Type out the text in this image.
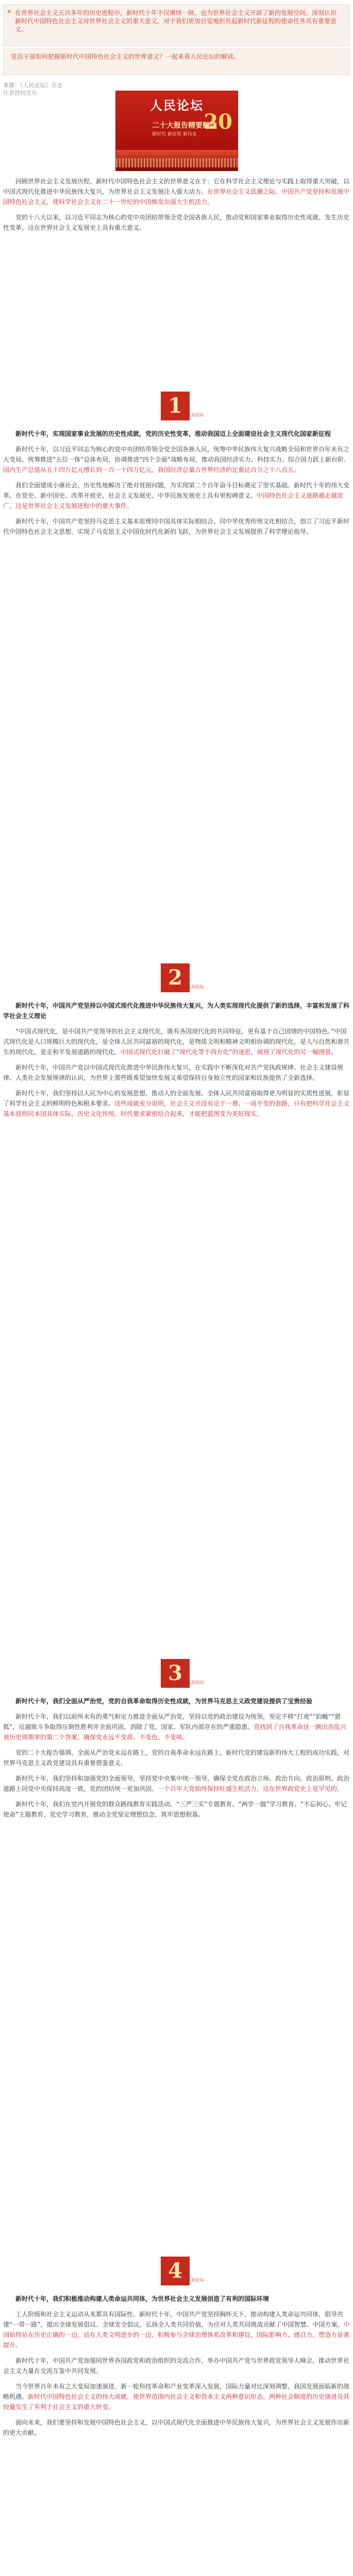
在世界社会主义五百多年的历史进程中，新时代十年不仅赓续一脉，也为世界社会主义开辟了新的发展空间。深刻认识新时代中国特色社会主义对世界社会主义的重大意义，对于我们更加自觉地担负起新时代新征程的使命任务具有重要意义。

党员干部如何把握新时代中国特色社会主义的世界意义？一起来看人民论坛的解读。

来源：《人民论坛》杂志
作者授权发布
人民论坛
20
二十大报告精要解读
新时代 新征程 新伟业

回顾世界社会主义发展历程，新时代中国特色社会主义的世界意义在于：它在科学社会主义理论与实践上取得重大突破，以中国式现代化推进中华民族伟大复兴，为世界社会主义发展注入强大动力。在世界社会主义低潮之际，中国共产党坚持和发展中国特色社会主义，使科学社会主义在二十一世纪的中国焕发出强大生机活力。

党的十八大以来，以习近平同志为核心的党中央团结带领全党全国各族人民，推动党和国家事业取得历史性成就、发生历史性变革，这在世界社会主义发展史上具有重大意义。

1	人民论坛

新时代十年，实现国家事业发展的历史性成就，党的历史性变革，推动我国迈上全面建设社会主义现代化国家新征程

新时代十年，以习近平同志为核心的党中央团结带领全党全国各族人民，统筹中华民族伟大复兴战略全局和世界百年未有之大变局，统筹推进“五位一体”总体布局，协调推进“四个全面”战略布局，推动我国经济实力、科技实力、综合国力跃上新台阶。国内生产总值从五十四万亿元增长到一百一十四万亿元，我国经济总量占世界经济的比重达百分之十八点五。

我们全面建成小康社会，历史性地解决了绝对贫困问题，为实现第二个百年奋斗目标奠定了坚实基础。新时代十年的伟大变革，在党史、新中国史、改革开放史、社会主义发展史、中华民族发展史上具有里程碑意义。中国特色社会主义道路越走越宽广，这是世界社会主义发展进程中的重大事件。

新时代十年，中国共产党坚持马克思主义基本原理同中国具体实际相结合、同中华优秀传统文化相结合，创立了习近平新时代中国特色社会主义思想，实现了马克思主义中国化时代化新的飞跃，为世界社会主义发展提供了科学理论指导。

2	人民论坛

新时代十年，中国共产党坚持以中国式现代化推进中华民族伟大复兴，为人类实现现代化提供了新的选择，丰富和发展了科学社会主义理论

“中国式现代化，是中国共产党领导的社会主义现代化，既有各国现代化的共同特征，更有基于自己国情的中国特色。”中国式现代化是人口规模巨大的现代化，是全体人民共同富裕的现代化，是物质文明和精神文明相协调的现代化，是人与自然和谐共生的现代化，是走和平发展道路的现代化。中国式现代化打破了“现代化等于西方化”的迷思，展现了现代化的另一幅图景。

新时代十年，中国共产党以中国式现代化推进中华民族伟大复兴，在实践中不断深化对共产党执政规律、社会主义建设规律、人类社会发展规律的认识，为世界上那些既希望加快发展又希望保持自身独立性的国家和民族提供了全新选择。

新时代十年，我们坚持以人民为中心的发展思想，推动人的全面发展、全体人民共同富裕取得更为明显的实质性进展，彰显了科学社会主义的鲜明特色和根本要求。这些成就充分说明，社会主义并没有定于一尊、一成不变的套路，只有把科学社会主义基本原则同本国具体实际、历史文化传统、时代要求紧密结合起来，才能把蓝图变为美好现实。

3	人民论坛

新时代十年，我们全面从严治党，党的自我革命取得历史性成就，为世界马克思主义政党建设提供了宝贵经验

新时代十年，我们以前所未有的勇气和定力推进全面从严治党，坚持以党的政治建设为统领，坚定不移“打虎”“拍蝇”“猎狐”，反腐败斗争取得压倒性胜利并全面巩固，消除了党、国家、军队内部存在的严重隐患。党找到了自我革命这一跳出治乱兴衰历史周期率的第二个答案，确保党永远不变质、不变色、不变味。

党的二十大报告强调，全面从严治党永远在路上，党的自我革命永远在路上。新时代党的建设新的伟大工程的成功实践，对世界马克思主义政党建设具有重要借鉴意义。

新时代十年，我们坚持和加强党的全面领导，坚持党中央集中统一领导，确保全党在政治立场、政治方向、政治原则、政治道路上同党中央保持高度一致，党的团结统一更加巩固。一个百年大党始终保持旺盛生机活力，这在世界政党史上是罕见的。

新时代十年，我们在党内开展党的群众路线教育实践活动、“三严三实”专题教育、“两学一做”学习教育、“不忘初心、牢记使命”主题教育、党史学习教育，推动全党坚定理想信念、筑牢思想根基。

4	人民论坛

新时代十年，我们积极推动构建人类命运共同体，为世界社会主义发展创造了有利的国际环境

工人阶级和社会主义运动从来都具有国际性。新时代十年，中国共产党坚持胸怀天下，推动构建人类命运共同体，倡导共建“一带一路”，提出全球发展倡议、全球安全倡议，弘扬全人类共同价值，为应对人类共同挑战贡献了中国智慧、中国方案。中国始终站在历史正确的一边，站在人类文明进步的一边，积极参与全球治理体系改革和建设，国际影响力、感召力、塑造力显著提升。

新时代十年，中国共产党加强同世界各国政党和政治组织的交流合作，举办中国共产党与世界政党领导人峰会，推动世界社会主义力量在交流互鉴中共同发展。

当今世界百年未有之大变局加速演进，新一轮科技革命和产业变革深入发展，国际力量对比深刻调整，我国发展面临新的战略机遇。新时代中国特色社会主义的伟大成就，使世界范围内社会主义和资本主义两种意识形态、两种社会制度的历史演进及其较量发生了有利于社会主义的重大转变。

面向未来，我们要坚持和发展中国特色社会主义，以中国式现代化全面推进中华民族伟大复兴，为世界社会主义发展作出新的更大贡献。
